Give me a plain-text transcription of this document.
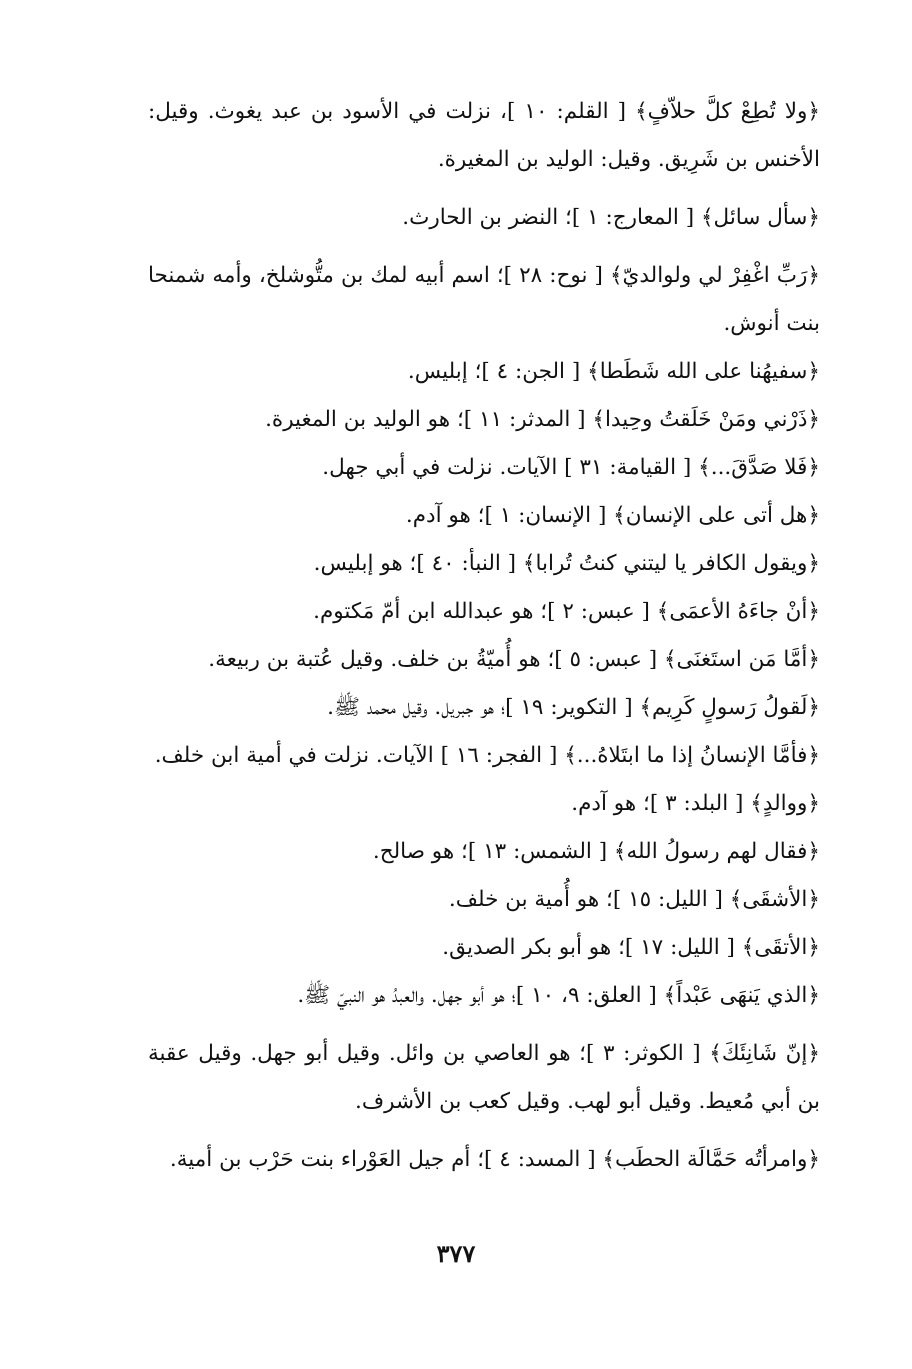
﴿ولا تُطِعْ كلَّ حلاّفٍ﴾ [ القلم: ١٠ ]، نزلت في الأسود بن عبد يغوث. وقيل: الأخنس بن شَرِيق. وقيل: الوليد بن المغيرة.

﴿سأل سائل﴾ [ المعارج: ١ ]؛ النضر بن الحارث.

﴿رَبِّ اغْفِرْ لي ولوالديّ﴾ [ نوح: ٢٨ ]؛ اسم أبيه لمك بن متُّوشلخ، وأمه شمنحا بنت أنوش.

﴿سفيهُنا على الله شَطَطا﴾ [ الجن: ٤ ]؛ إبليس.

﴿ذَرْني ومَنْ خَلَقتُ وحِيدا﴾ [ المدثر: ١١ ]؛ هو الوليد بن المغيرة.

﴿فَلا صَدَّقَ...﴾ [ القيامة: ٣١ ] الآيات. نزلت في أبي جهل.

﴿هل أتى على الإنسان﴾ [ الإنسان: ١ ]؛ هو آدم.

﴿ويقول الكافر يا ليتني كنتُ تُرابا﴾ [ النبأ: ٤٠ ]؛ هو إبليس.

﴿أنْ جاءَهُ الأعمَى﴾ [ عبس: ٢ ]؛ هو عبدالله ابن أمّ مَكتوم.

﴿أمَّا مَن استَغنَى﴾ [ عبس: ٥ ]؛ هو أُميّةُ بن خلف. وقيل عُتبة بن ربيعة.

﴿لَقولُ رَسولٍ كَرِيم﴾ [ التكوير: ١٩ ]؛ هو جبريل. وقيل محمد ﷺ.

﴿فأمَّا الإنسانُ إذا ما ابتَلاهُ...﴾ [ الفجر: ١٦ ] الآيات. نزلت في أمية ابن خلف.

﴿ووالدٍ﴾ [ البلد: ٣ ]؛ هو آدم.

﴿فقال لهم رسولُ الله﴾ [ الشمس: ١٣ ]؛ هو صالح.

﴿الأشقَى﴾ [ الليل: ١٥ ]؛ هو أُمية بن خلف.

﴿الأتقَى﴾ [ الليل: ١٧ ]؛ هو أبو بكر الصديق.

﴿الذي يَنهَى عَبْداً﴾ [ العلق: ٩، ١٠ ]؛ هو أبو جهل. والعبدُ هو النبيّ ﷺ.

﴿إنّ شَانِئَكَ﴾ [ الكوثر: ٣ ]؛ هو العاصي بن وائل. وقيل أبو جهل. وقيل عقبة بن أبي مُعيط. وقيل أبو لهب. وقيل كعب بن الأشرف.

﴿وامرأتُه حَمَّالَة الحطَب﴾ [ المسد: ٤ ]؛ أم جيل العَوْراء بنت حَرْب بن أمية.

٣٧٧
